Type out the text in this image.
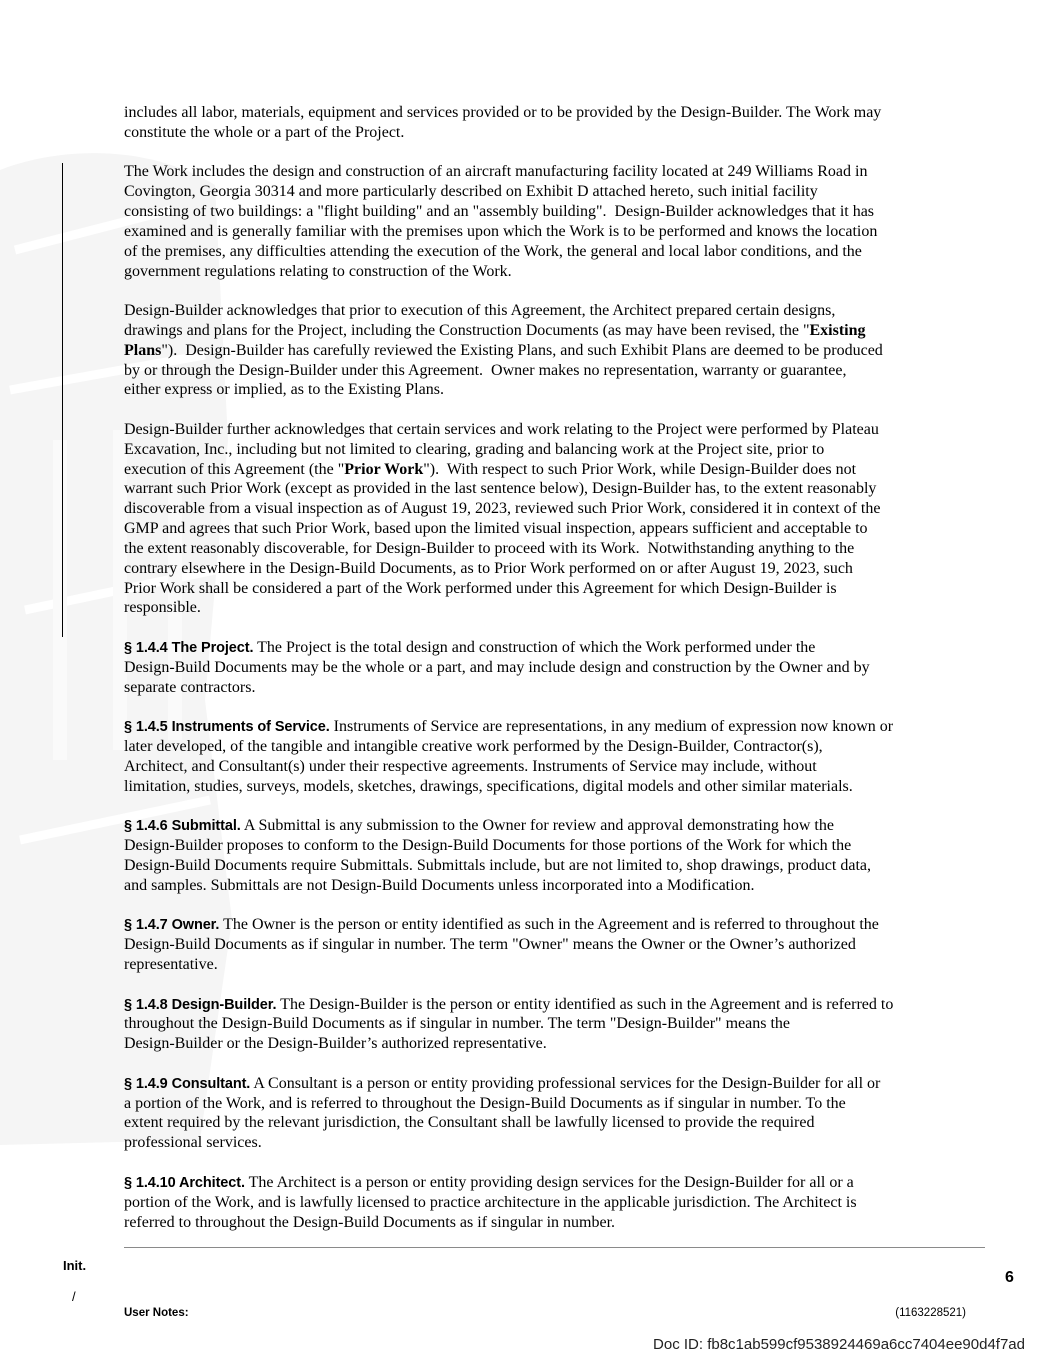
includes all labor, materials, equipment and services provided or to be provided by the Design-Builder. The Work may
constitute the whole or a part of the Project.
The Work includes the design and construction of an aircraft manufacturing facility located at 249 Williams Road in
Covington, Georgia 30314 and more particularly described on Exhibit D attached hereto, such initial facility
consisting of two buildings: a "flight building" and an "assembly building".  Design-Builder acknowledges that it has
examined and is generally familiar with the premises upon which the Work is to be performed and knows the location
of the premises, any difficulties attending the execution of the Work, the general and local labor conditions, and the
government regulations relating to construction of the Work.
Design-Builder acknowledges that prior to execution of this Agreement, the Architect prepared certain designs,
drawings and plans for the Project, including the Construction Documents (as may have been revised, the "Existing
Plans").  Design-Builder has carefully reviewed the Existing Plans, and such Exhibit Plans are deemed to be produced
by or through the Design-Builder under this Agreement.  Owner makes no representation, warranty or guarantee,
either express or implied, as to the Existing Plans.
Design-Builder further acknowledges that certain services and work relating to the Project were performed by Plateau
Excavation, Inc., including but not limited to clearing, grading and balancing work at the Project site, prior to
execution of this Agreement (the "Prior Work").  With respect to such Prior Work, while Design-Builder does not
warrant such Prior Work (except as provided in the last sentence below), Design-Builder has, to the extent reasonably
discoverable from a visual inspection as of August 19, 2023, reviewed such Prior Work, considered it in context of the
GMP and agrees that such Prior Work, based upon the limited visual inspection, appears sufficient and acceptable to
the extent reasonably discoverable, for Design-Builder to proceed with its Work.  Notwithstanding anything to the
contrary elsewhere in the Design-Build Documents, as to Prior Work performed on or after August 19, 2023, such
Prior Work shall be considered a part of the Work performed under this Agreement for which Design-Builder is
responsible.
§ 1.4.4 The Project. The Project is the total design and construction of which the Work performed under the
Design-Build Documents may be the whole or a part, and may include design and construction by the Owner and by
separate contractors.
§ 1.4.5 Instruments of Service. Instruments of Service are representations, in any medium of expression now known or
later developed, of the tangible and intangible creative work performed by the Design-Builder, Contractor(s),
Architect, and Consultant(s) under their respective agreements. Instruments of Service may include, without
limitation, studies, surveys, models, sketches, drawings, specifications, digital models and other similar materials.
§ 1.4.6 Submittal. A Submittal is any submission to the Owner for review and approval demonstrating how the
Design-Builder proposes to conform to the Design-Build Documents for those portions of the Work for which the
Design-Build Documents require Submittals. Submittals include, but are not limited to, shop drawings, product data,
and samples. Submittals are not Design-Build Documents unless incorporated into a Modification.
§ 1.4.7 Owner. The Owner is the person or entity identified as such in the Agreement and is referred to throughout the
Design-Build Documents as if singular in number. The term "Owner" means the Owner or the Owner’s authorized
representative.
§ 1.4.8 Design-Builder. The Design-Builder is the person or entity identified as such in the Agreement and is referred to
throughout the Design-Build Documents as if singular in number. The term "Design-Builder" means the
Design-Builder or the Design-Builder’s authorized representative.
§ 1.4.9 Consultant. A Consultant is a person or entity providing professional services for the Design-Builder for all or
a portion of the Work, and is referred to throughout the Design-Build Documents as if singular in number. To the
extent required by the relevant jurisdiction, the Consultant shall be lawfully licensed to provide the required
professional services.
§ 1.4.10 Architect. The Architect is a person or entity providing design services for the Design-Builder for all or a
portion of the Work, and is lawfully licensed to practice architecture in the applicable jurisdiction. The Architect is
referred to throughout the Design-Build Documents as if singular in number.
Init.
/
6
User Notes:	(1163228521)
Doc ID: fb8c1ab599cf9538924469a6cc7404ee90d4f7ad
